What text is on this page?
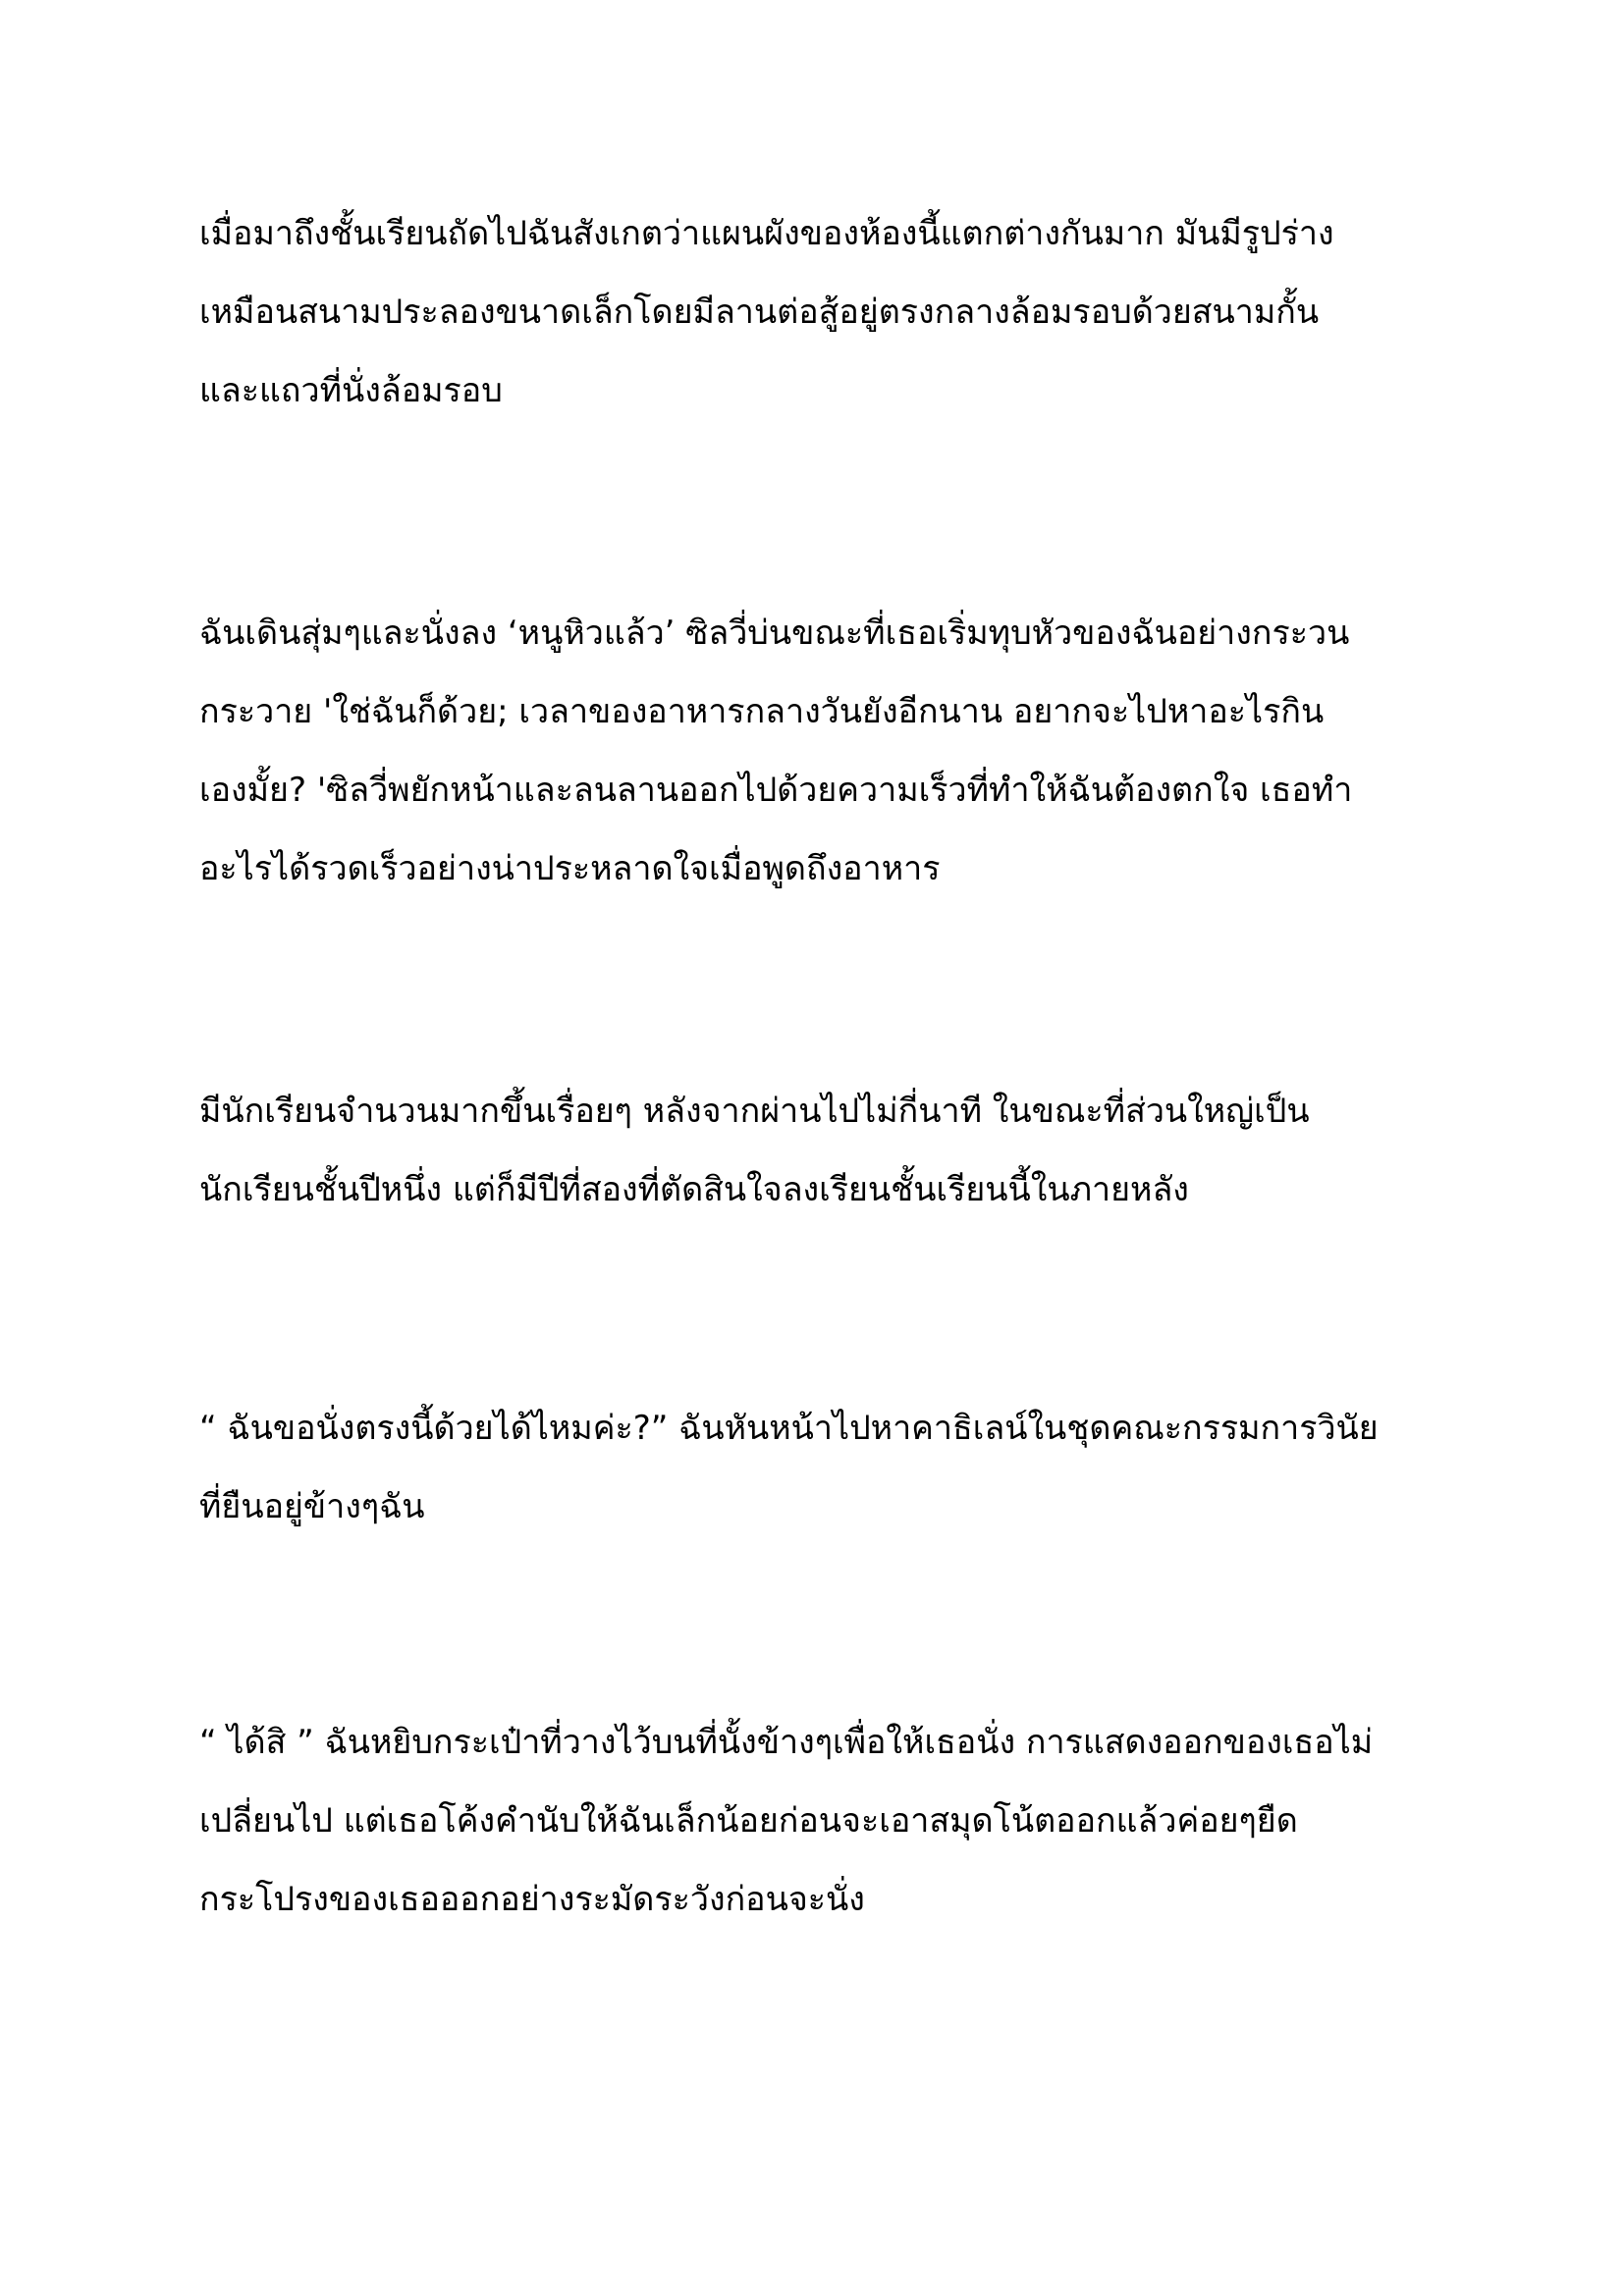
เมื่อมาถึงชั้นเรียนถัดไปฉันสังเกตว่าแผนผังของห้องนี้แตกต่างกันมาก มันมีรูปร่าง
เหมือนสนามประลองขนาดเล็กโดยมีลานต่อสู้อยู่ตรงกลางล้อมรอบด้วยสนามกั้น
และแถวที่นั่งล้อมรอบ

ฉันเดินสุ่มๆและนั่งลง ‘หนูหิวแล้ว’ ซิลวี่บ่นขณะที่เธอเริ่มทุบหัวของฉันอย่างกระวน
กระวาย 'ใช่ฉันก็ด้วย; เวลาของอาหารกลางวันยังอีกนาน อยากจะไปหาอะไรกิน
เองมั้ย? 'ซิลวี่พยักหน้าและลนลานออกไปด้วยความเร็วที่ทำให้ฉันต้องตกใจ เธอทำ
อะไรได้รวดเร็วอย่างน่าประหลาดใจเมื่อพูดถึงอาหาร

มีนักเรียนจำนวนมากขึ้นเรื่อยๆ หลังจากผ่านไปไม่กี่นาที ในขณะที่ส่วนใหญ่เป็น
นักเรียนชั้นปีหนึ่ง แต่ก็มีปีที่สองที่ตัดสินใจลงเรียนชั้นเรียนนี้ในภายหลัง

“ ฉันขอนั่งตรงนี้ด้วยได้ไหมค่ะ?” ฉันหันหน้าไปหาคาธิเลน์ในชุดคณะกรรมการวินัย
ที่ยืนอยู่ข้างๆฉัน

“ ได้สิ ” ฉันหยิบกระเป๋าที่วางไว้บนที่นั้งข้างๆเพื่อให้เธอนั่ง การแสดงออกของเธอไม่
เปลี่ยนไป แต่เธอโค้งคำนับให้ฉันเล็กน้อยก่อนจะเอาสมุดโน้ตออกแล้วค่อยๆยืด
กระโปรงของเธอออกอย่างระมัดระวังก่อนจะนั่ง
